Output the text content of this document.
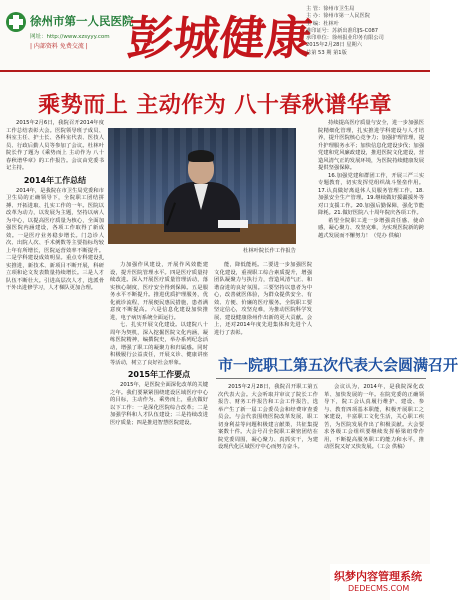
徐州市第一人民医院
网址：http://www.xzsyyy.com
| 内部资料 免费交流 | 彭城健康
主 管：徐州市卫生局
主 办：徐州市第一人民医院
主 编：杜林叶
准印证号：苏新出准印JS-C087
承印单位：徐州报业印务有限公司
2015年2月28日 星期六
总第 53 期 第1版
乘势而上 主动作为 八十春秋谱华章

2015年2月6日，我院召开2014年度工作总结表彰大会。医院领导班子成员、科室主任、护士长、各科室代表、医技人员、行政后勤人员等参加了会议。杜林叶院长作了题为《乘势而上 主动作为 八十春秋谱华章》的工作报告。会议由党委书记主持。

2014年工作总结

2014年，是我院在市卫生局党委和市卫生局的正确领导下，全院职工团结拼搏、开拓进取、扎实工作的一年。医院以改革为动力，以发展为主题，坚持以病人为中心，以提高医疗质量为核心，全面加强医院内涵建设，各项工作取得了新成效。一是医疗业务稳步增长。门急诊人次、出院人次、手术例数等主要指标均较上年有所增长，医院运营效率不断提升。二是学科建设成效明显。重点专科建设扎实推进，新技术、新项目不断开展，科研立项和论文发表数量持续增长。三是人才队伍不断壮大。引进高层次人才，选派骨干外出进修学习，人才梯队更加合理。

力加强作风建设，开展作风效能建设，提升医院管理水平。四是医疗质量持续改进。深入开展医疗质量管理活动，落实核心制度，医疗安全得到保障。五是服务水平不断提升。推进优质护理服务，优化就诊流程，开展便民惠民措施，患者满意度不断提高。六是信息化建设加快推进，电子病历系统全面运行。

七、扎实开展文化建设。以建院八十周年为契机，深入挖掘医院文化内涵，凝练医院精神，编撰院史，举办系列纪念活动，增强了职工的凝聚力和归属感。同时积极履行公益责任，开展义诊、健康讲座等活动，树立了良好社会形象。

2015年工作要点

2015年，是医院全面深化改革的关键之年。我们要紧紧围绕建设区域医疗中心的目标，主动作为、乘势而上，重点做好以下工作：一是深化医院综合改革；二是加强学科和人才队伍建设；三是持续改进医疗质量；四是推进智慧医院建设。

杜林叶院长作工作报告

能，降低能耗。二要进一步加强医院文化建设，重视职工综合素质提升，增强团队凝聚力与执行力，营造风清气正、和谐奋进的良好氛围。三要坚持以患者为中心，改善就医体验，为群众提供安全、有效、方便、价廉的医疗服务。全院职工要坚定信心，攻坚克难，为推动医院科学发展、建设健康徐州作出新的更大贡献。会上，还对2014年度先进集体和先进个人进行了表彰。

持续提高医疗质量与安全，进一步加强医院精细化管理，扎实推进学科建设与人才培养，提升医院核心竞争力；加强护理管理，提升护理服务水平；加快信息化建设步伐；加强党建和党风廉政建设，推进医院文化建设，营造风清气正的发展环境，为医院持续健康发展提供坚强保障。

16.加强党建和群团工作，开展三严三实专题教育，切实发挥党组织战斗堡垒作用。17.认真做好离退休人员服务管理工作。18.加强安全生产管理。19.继续做好援疆援外等对口支援工作。20.加强后勤保障，强化节能降耗。21.做好医院八十周年院庆各项工作。

希望全院职工进一步增强责任感、使命感，凝心聚力、攻坚克难，为实现医院新的跨越式发展而不懈努力！（党办 供稿）

市一院职工第五次代表大会圆满召开

2015年2月28日，我院召开职工第五次代表大会。大会听取并审议了院长工作报告、财务工作报告和工会工作报告，选举产生了新一届工会委员会和经费审查委员会。与会代表围绕医院改革发展、职工切身利益等问题积极建言献策，共征集提案数十件。大会号召全院职工紧密团结在院党委周围，凝心聚力、真抓实干，为建设现代化区域医疗中心而努力奋斗。

会议认为，2014年，是我院深化改革、加快发展的一年。在院党委的正确领导下，院工会认真履行维护、建设、参与、教育四项基本职能，积极开展职工之家建设，丰富职工文化生活，关心职工疾苦，为医院发展作出了积极贡献。大会要求各级工会组织要继续发挥桥梁纽带作用，不断提高服务职工的能力和水平，推动医院又好又快发展。（工会 供稿）

织梦内容管理系统
DEDECMS.COM
